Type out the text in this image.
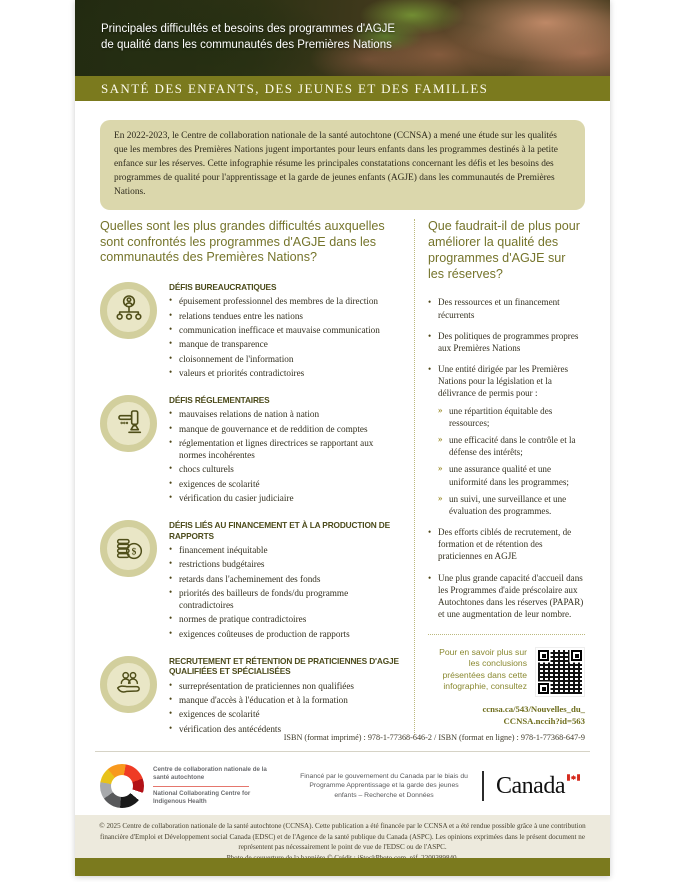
Principales difficultés et besoins des programmes d'AGJE
de qualité dans les communautés des Premières Nations
SANTÉ DES ENFANTS, DES JEUNES ET DES FAMILLES
En 2022-2023, le Centre de collaboration nationale de la santé autochtone (CCNSA) a mené une étude sur les qualités que les membres des Premières Nations jugent importantes pour leurs enfants dans les programmes destinés à la petite enfance sur les réserves. Cette infographie résume les principales constatations concernant les défis et les besoins des programmes de qualité pour l'apprentissage et la garde de jeunes enfants (AGJE) dans les communautés de Premières Nations.
Quelles sont les plus grandes difficultés auxquelles sont confrontés les programmes d'AGJE dans les communautés des Premières Nations?
DÉFIS BUREAUCRATIQUES
• épuisement professionnel des membres de la direction
• relations tendues entre les nations
• communication inefficace et mauvaise communication
• manque de transparence
• cloisonnement de l'information
• valeurs et priorités contradictoires
DÉFIS RÉGLEMENTAIRES
• mauvaises relations de nation à nation
• manque de gouvernance et de reddition de comptes
• réglementation et lignes directrices se rapportant aux normes incohérentes
• chocs culturels
• exigences de scolarité
• vérification du casier judiciaire
$
DÉFIS LIÉS AU FINANCEMENT ET À LA PRODUCTION DE RAPPORTS
• financement inéquitable
• restrictions budgétaires
• retards dans l'acheminement des fonds
• priorités des bailleurs de fonds/du programme contradictoires
• normes de pratique contradictoires
• exigences coûteuses de production de rapports
RECRUTEMENT ET RÉTENTION DE PRATICIENNES D'AGJE QUALIFIÉES ET SPÉCIALISÉES
• surreprésentation de praticiennes non qualifiées
• manque d'accès à l'éducation et à la formation
• exigences de scolarité
• vérification des antécédents
Que faudrait-il de plus pour améliorer la qualité des programmes d'AGJE sur les réserves?
• Des ressources et un financement récurrents
• Des politiques de programmes propres aux Premières Nations
• Une entité dirigée par les Premières Nations pour la législation et la délivrance de permis pour :
» une répartition équitable des ressources;
» une efficacité dans le contrôle et la défense des intérêts;
» une assurance qualité et une uniformité dans les programmes;
» un suivi, une surveillance et une évaluation des programmes.
• Des efforts ciblés de recrutement, de formation et de rétention des praticiennes en AGJE
• Une plus grande capacité d'accueil dans les Programmes d'aide préscolaire aux Autochtones dans les réserves (PAPAR) et une augmentation de leur nombre.

Pour en savoir plus sur les conclusions présentées dans cette infographie, consultez

ccnsa.ca/543/Nouvelles_du_
CCNSA.nccih?id=563

ISBN (format imprimé) : 978-1-77368-646-2 / ISBN (format en ligne) : 978-1-77368-647-9

Centre de collaboration nationale de la santé autochtone
National Collaborating Centre for Indigenous Health

Financé par le gouvernement du Canada par le biais du Programme Apprentissage et la garde des jeunes enfants – Recherche et Données	Canada

© 2025 Centre de collaboration nationale de la santé autochtone (CCNSA). Cette publication a été financée par le CCNSA et a été rendue possible grâce à une contribution financière d'Emploi et Développement social Canada (EDSC) et de l'Agence de la santé publique du Canada (ASPC). Les opinions exprimées dans le présent document ne représentent pas nécessairement le point de vue de l'EDSC ou de l'ASPC.
